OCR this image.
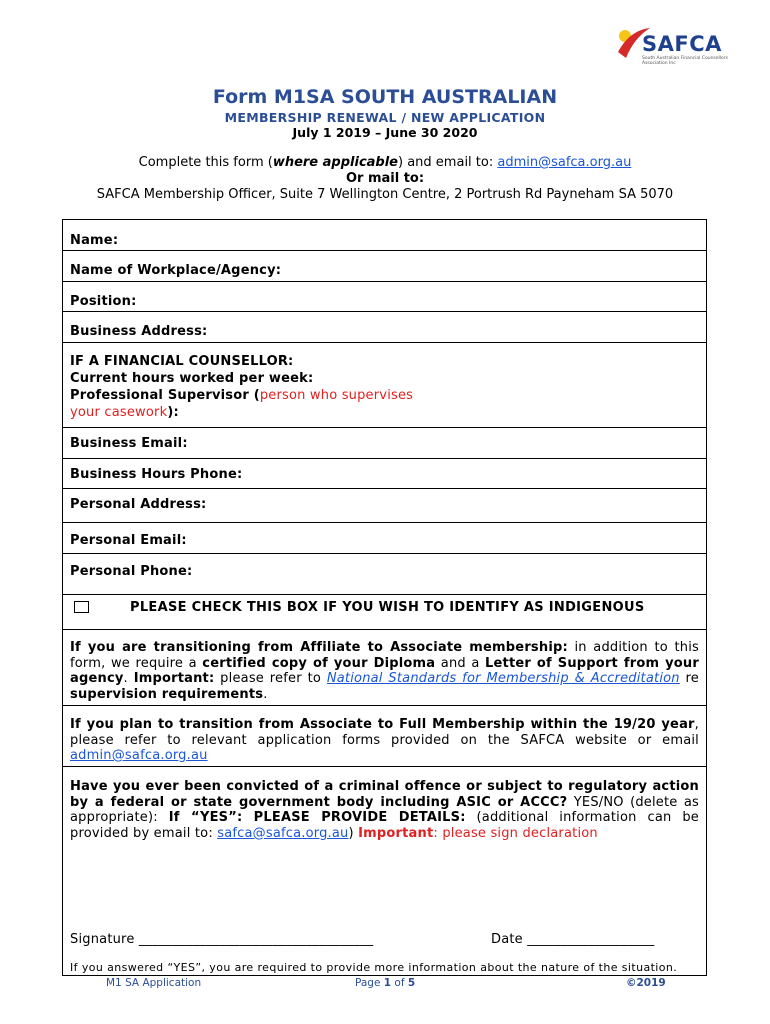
SAFCA
South Australian Financial Counsellors Association Inc
Form M1SA SOUTH AUSTRALIAN
MEMBERSHIP RENEWAL / NEW APPLICATION
July 1 2019 – June 30 2020
Complete this form (where applicable) and email to: admin@safca.org.au
Or mail to:
SAFCA Membership Officer, Suite 7 Wellington Centre, 2 Portrush Rd Payneham SA 5070
Name:
Name of Workplace/Agency:
Position:
Business Address:
IF A FINANCIAL COUNSELLOR:
Current hours worked per week:
Professional Supervisor (person who supervises your casework):
Business Email:
Business Hours Phone:
Personal Address:
Personal Email:
Personal Phone:
PLEASE CHECK THIS BOX IF YOU WISH TO IDENTIFY AS INDIGENOUS
If you are transitioning from Affiliate to Associate membership: in addition to this form, we require a certified copy of your Diploma and a Letter of Support from your agency. Important: please refer to National Standards for Membership & Accreditation re supervision requirements.
If you plan to transition from Associate to Full Membership within the 19/20 year, please refer to relevant application forms provided on the SAFCA website or email admin@safca.org.au
Have you ever been convicted of a criminal offence or subject to regulatory action by a federal or state government body including ASIC or ACCC? YES/NO (delete as appropriate): If “YES”: PLEASE PROVIDE DETAILS: (additional information can be provided by email to: safca@safca.org.au) Important: please sign declaration
Signature ___________________________________	Date ___________________
If you answered “YES”, you are required to provide more information about the nature of the situation.
M1 SA Application	Page 1 of 5	©2019
